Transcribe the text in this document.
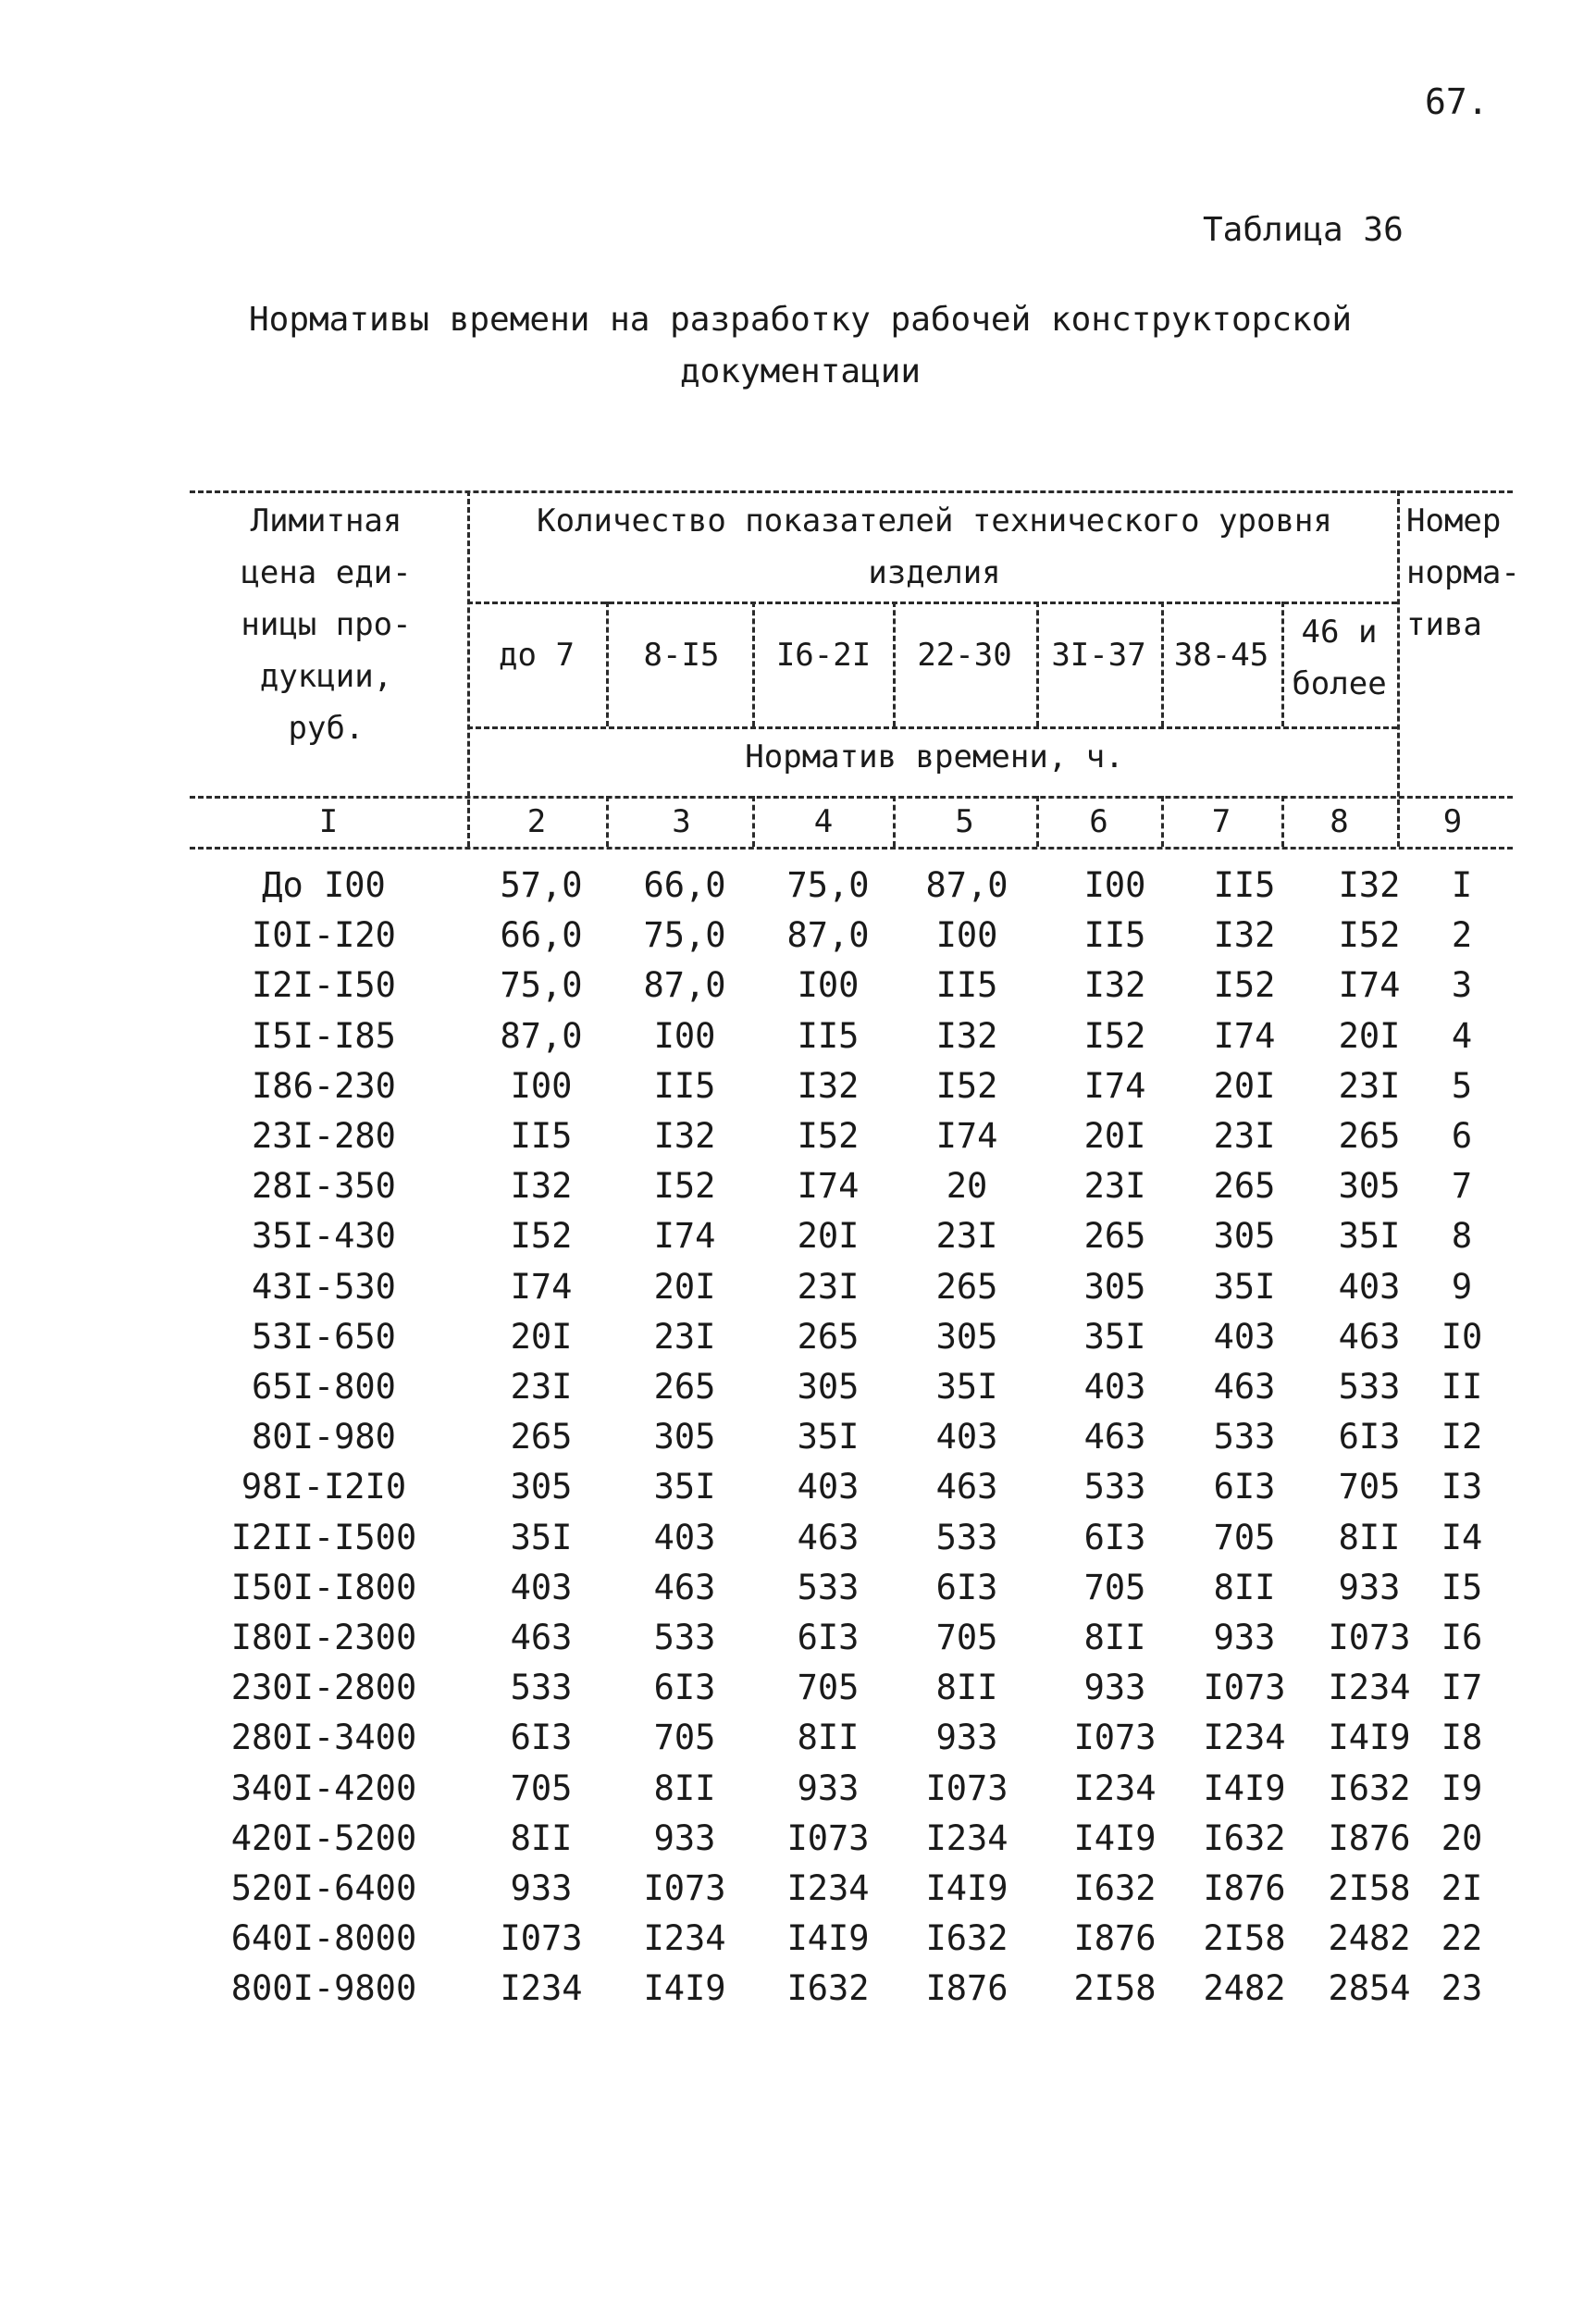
67.
Таблица 36
Нормативы времени на разработку рабочей конструкторской
документации
Лимитная
цена еди-
ницы про-
дукции,
руб.
Количество показателей технического уровня
изделия
до 7	8-I5	I6-2I	22-30	3I-37 38-45
46 и
более
Норматив времени, ч.
Номер
норма-
тива
I	2	3	4	5	6	7	8	9
До I00	57,0	66,0	75,0	87,0	I00	II5	I32	I
I0I-I20	66,0	75,0	87,0	I00	II5	I32	I52	2
I2I-I50	75,0	87,0	I00	II5	I32	I52	I74	3
I5I-I85	87,0	I00	II5	I32	I52	I74	20I	4
I86-230	I00	II5	I32	I52	I74	20I	23I	5
23I-280	II5	I32	I52	I74	20I	23I	265	6
28I-350	I32	I52	I74	20	23I	265	305	7
35I-430	I52	I74	20I	23I	265	305	35I	8
43I-530	I74	20I	23I	265	305	35I	403	9
53I-650	20I	23I	265	305	35I	403	463	I0
65I-800	23I	265	305	35I	403	463	533	II
80I-980	265	305	35I	403	463	533	6I3	I2
98I-I2I0	305	35I	403	463	533	6I3	705	I3
I2II-I500	35I	403	463	533	6I3	705	8II	I4
I50I-I800	403	463	533	6I3	705	8II	933	I5
I80I-2300	463	533	6I3	705	8II	933	I073 I6
230I-2800	533	6I3	705	8II	933	I073	I234 I7
280I-3400	6I3	705	8II	933	I073	I234	I4I9 I8
340I-4200	705	8II	933	I073	I234	I4I9	I632 I9
420I-5200	8II	933	I073	I234	I4I9	I632	I876 20
520I-6400	933	I073	I234	I4I9	I632	I876	2I58 2I
640I-8000	I073	I234	I4I9	I632	I876	2I58	2482 22
800I-9800	I234	I4I9	I632	I876	2I58	2482	2854 23
